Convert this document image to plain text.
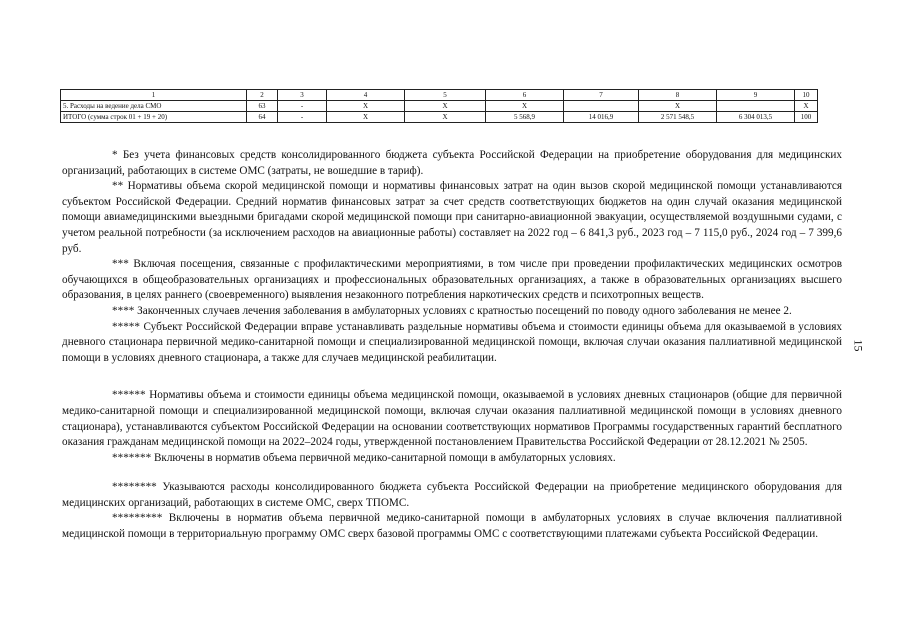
1	2	3	4	5	6	7	8	9	10
5. Расходы на ведение дела СМО	63	-	X	X	X		X		X
ИТОГО (сумма строк 01 + 19 + 20)	64	-	X	X	5 568,9	14 016,9	2 571 548,5	6 304 013,5	100

* Без учета финансовых средств консолидированного бюджета субъекта Российской Федерации на приобретение оборудования для медицинских организаций, работающих в системе ОМС (затраты, не вошедшие в тариф).

** Нормативы объема скорой медицинской помощи и нормативы финансовых затрат на один вызов скорой медицинской помощи устанавливаются субъектом Российской Федерации. Средний норматив финансовых затрат за счет средств соответствующих бюджетов на один случай оказания медицинской помощи авиамедицинскими выездными бригадами скорой медицинской помощи при санитарно-авиационной эвакуации, осуществляемой воздушными судами, с учетом реальной потребности (за исключением расходов на авиационные работы) составляет на 2022 год – 6 841,3 руб., 2023 год – 7 115,0 руб., 2024 год – 7 399,6 руб.

*** Включая посещения, связанные с профилактическими мероприятиями, в том числе при проведении профилактических медицинских осмотров обучающихся в общеобразовательных организациях и профессиональных образовательных организациях, а также в образовательных организациях высшего образования, в целях раннего (своевременного) выявления незаконного потребления наркотических средств и психотропных веществ.

**** Законченных случаев лечения заболевания в амбулаторных условиях с кратностью посещений по поводу одного заболевания не менее 2.

***** Субъект Российской Федерации вправе устанавливать раздельные нормативы объема и стоимости единицы объема для оказываемой в условиях дневного стационара первичной медико-санитарной помощи и специализированной медицинской помощи, включая случаи оказания паллиативной медицинской помощи в условиях дневного стационара, а также для случаев медицинской реабилитации.

****** Нормативы объема и стоимости единицы объема медицинской помощи, оказываемой в условиях дневных стационаров (общие для первичной медико-санитарной помощи и специализированной медицинской помощи, включая случаи оказания паллиативной медицинской помощи в условиях дневного стационара), устанавливаются субъектом Российской Федерации на основании соответствующих нормативов Программы государственных гарантий бесплатного оказания гражданам медицинской помощи на 2022–2024 годы, утвержденной постановлением Правительства Российской Федерации от 28.12.2021 № 2505.

******* Включены в норматив объема первичной медико-санитарной помощи в амбулаторных условиях.

******** Указываются расходы консолидированного бюджета субъекта Российской Федерации на приобретение медицинского оборудования для медицинских организаций, работающих в системе ОМС, сверх ТПОМС.

********* Включены в норматив объема первичной медико-санитарной помощи в амбулаторных условиях в случае включения паллиативной медицинской помощи в территориальную программу ОМС сверх базовой программы ОМС с соответствующими платежами субъекта Российской Федерации.

15
